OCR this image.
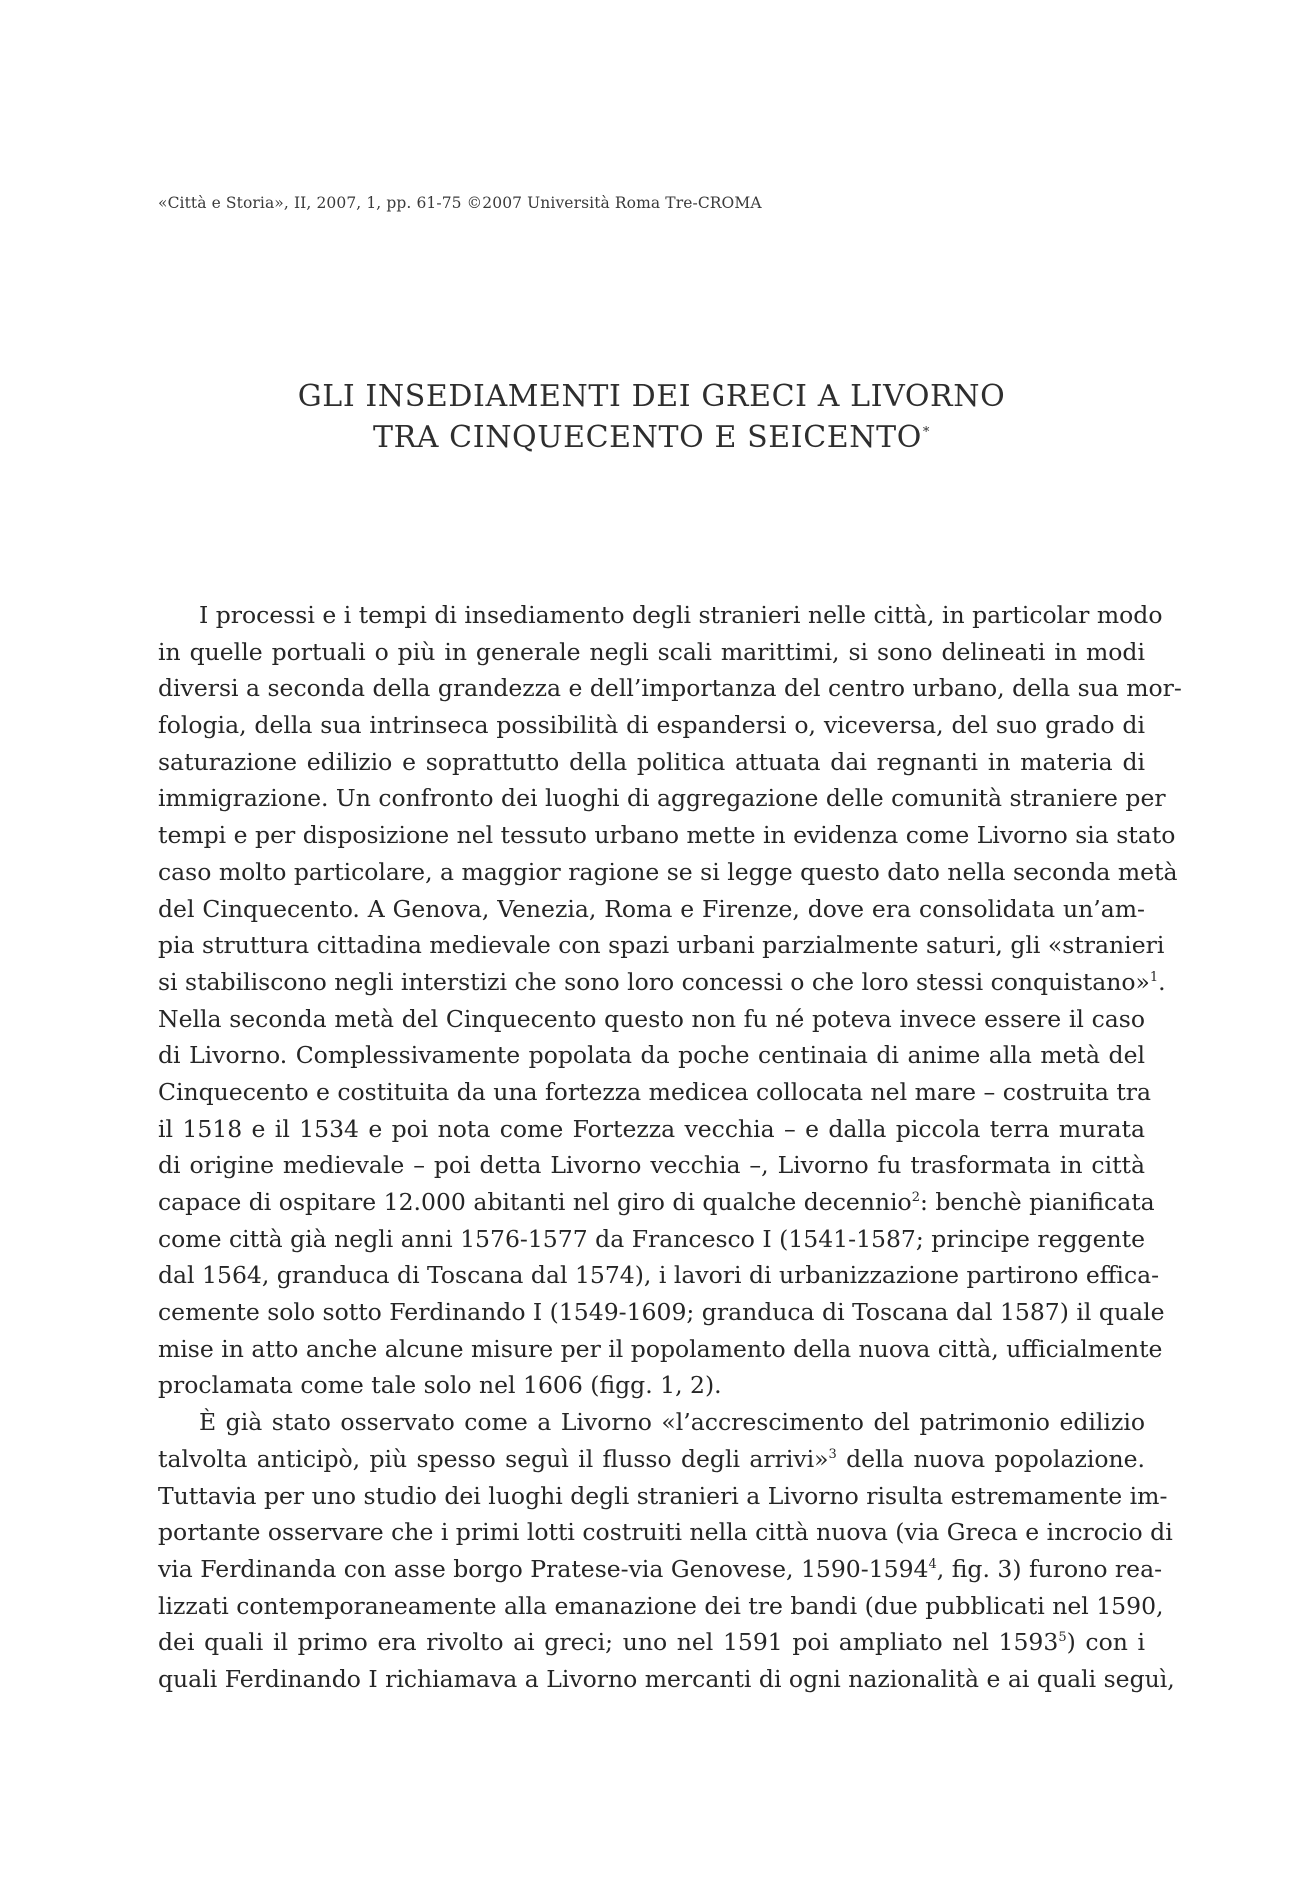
«Città e Storia», II, 2007, 1, pp. 61-75 ©2007 Università Roma Tre-CROMA
GLI INSEDIAMENTI DEI GRECI A LIVORNO
TRA CINQUECENTO E SEICENTO*
I processi e i tempi di insediamento degli stranieri nelle città, in particolar modo
in quelle portuali o più in generale negli scali marittimi, si sono delineati in modi
diversi a seconda della grandezza e dell’importanza del centro urbano, della sua mor-
fologia, della sua intrinseca possibilità di espandersi o, viceversa, del suo grado di
saturazione edilizio e soprattutto della politica attuata dai regnanti in materia di
immigrazione. Un confronto dei luoghi di aggregazione delle comunità straniere per
tempi e per disposizione nel tessuto urbano mette in evidenza come Livorno sia stato
caso molto particolare, a maggior ragione se si legge questo dato nella seconda metà
del Cinquecento. A Genova, Venezia, Roma e Firenze, dove era consolidata un’am-
pia struttura cittadina medievale con spazi urbani parzialmente saturi, gli «stranieri
si stabiliscono negli interstizi che sono loro concessi o che loro stessi conquistano»$^1$.
Nella seconda metà del Cinquecento questo non fu né poteva invece essere il caso
di Livorno. Complessivamente popolata da poche centinaia di anime alla metà del
Cinquecento e costituita da una fortezza medicea collocata nel mare – costruita tra
il 1518 e il 1534 e poi nota come Fortezza vecchia – e dalla piccola terra murata
di origine medievale – poi detta Livorno vecchia –, Livorno fu trasformata in città
capace di ospitare 12.000 abitanti nel giro di qualche decennio$^2$: benchè pianificata
come città già negli anni 1576-1577 da Francesco I (1541-1587; principe reggente
dal 1564, granduca di Toscana dal 1574), i lavori di urbanizzazione partirono effica-
cemente solo sotto Ferdinando I (1549-1609; granduca di Toscana dal 1587) il quale
mise in atto anche alcune misure per il popolamento della nuova città, ufficialmente
proclamata come tale solo nel 1606 (figg. 1, 2).
È già stato osservato come a Livorno «l’accrescimento del patrimonio edilizio
talvolta anticipò, più spesso seguì il flusso degli arrivi»$^3$ della nuova popolazione.
Tuttavia per uno studio dei luoghi degli stranieri a Livorno risulta estremamente im-
portante osservare che i primi lotti costruiti nella città nuova (via Greca e incrocio di
via Ferdinanda con asse borgo Pratese-via Genovese, 1590-1594$^4$, fig. 3) furono rea-
lizzati contemporaneamente alla emanazione dei tre bandi (due pubblicati nel 1590,
dei quali il primo era rivolto ai greci; uno nel 1591 poi ampliato nel 1593$^5$) con i
quali Ferdinando I richiamava a Livorno mercanti di ogni nazionalità e ai quali seguì,
